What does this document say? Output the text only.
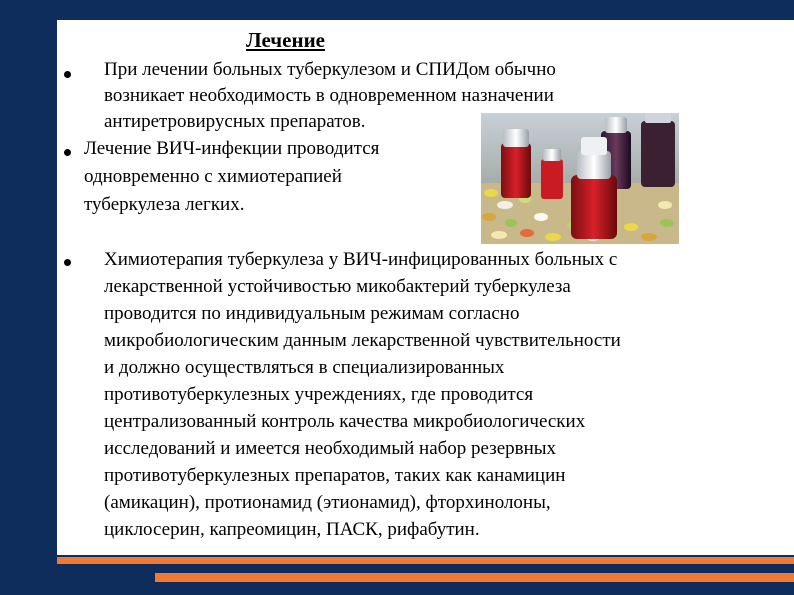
Лечение
При лечении больных туберкулезом и СПИДом обычно
возникает необходимость в одновременном назначении
антиретровирусных препаратов.
Лечение ВИЧ-инфекции проводится
одновременно с химиотерапией
туберкулеза легких.
Химиотерапия туберкулеза у ВИЧ-инфицированных больных с
лекарственной устойчивостью микобактерий туберкулеза
проводится по индивидуальным режимам согласно
микробиологическим данным лекарственной чувствительности
и должно осуществляться в специализированных
противотуберкулезных учреждениях, где проводится
централизованный контроль качества микробиологических
исследований и имеется необходимый набор резервных
противотуберкулезных препаратов, таких как канамицин
(амикацин), протионамид (этионамид), фторхинолоны,
циклосерин, капреомицин, ПАСК, рифабутин.
